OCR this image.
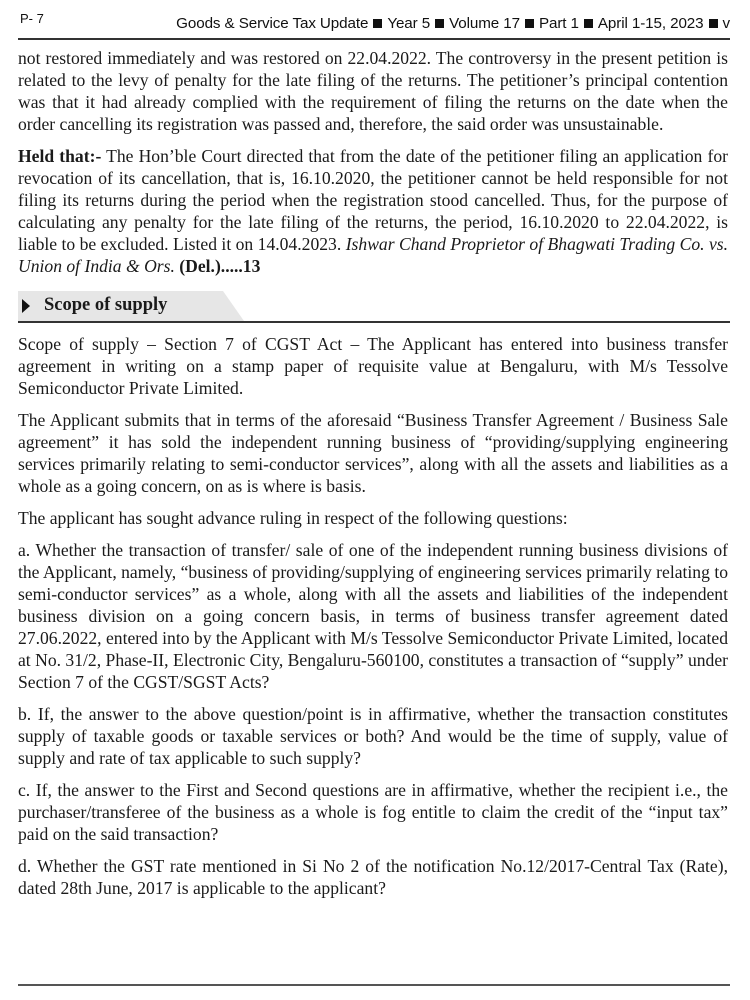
P- 7	Goods & Service Tax Update Year 5 Volume 17 Part 1 April 1-15, 2023 v

not restored immediately and was restored on 22.04.2022. The controversy in the present petition is related to the levy of penalty for the late filing of the returns. The petitioner’s principal contention was that it had already complied with the requirement of filing the returns on the date when the order cancelling its registration was passed and, therefore, the said order was unsustainable.

Held that:- The Hon’ble Court directed that from the date of the petitioner filing an application for revocation of its cancellation, that is, 16.10.2020, the petitioner cannot be held responsible for not filing its returns during the period when the registration stood cancelled. Thus, for the purpose of calculating any penalty for the late filing of the returns, the period, 16.10.2020 to 22.04.2022, is liable to be excluded. Listed it on 14.04.2023. Ishwar Chand Proprietor of Bhagwati Trading Co. vs. Union of India & Ors. (Del.).....13

Scope of supply

Scope of supply – Section 7 of CGST Act – The Applicant has entered into business transfer agreement in writing on a stamp paper of requisite value at Bengaluru, with M/s Tessolve Semiconductor Private Limited.

The Applicant submits that in terms of the aforesaid “Business Transfer Agreement / Business Sale agreement” it has sold the independent running business of “providing/supplying engineering services primarily relating to semi-conductor services”, along with all the assets and liabilities as a whole as a going concern, on as is where is basis.

The applicant has sought advance ruling in respect of the following questions:

a. Whether the transaction of transfer/ sale of one of the independent running business divisions of the Applicant, namely, “business of providing/supplying of engineering services primarily relating to semi-conductor services” as a whole, along with all the assets and liabilities of the independent business division on a going concern basis, in terms of business transfer agreement dated 27.06.2022, entered into by the Applicant with M/s Tessolve Semiconductor Private Limited, located at No. 31/2, Phase-II, Electronic City, Bengaluru-560100, constitutes a transaction of “supply” under Section 7 of the CGST/SGST Acts?

b. If, the answer to the above question/point is in affirmative, whether the transaction constitutes supply of taxable goods or taxable services or both? And would be the time of supply, value of supply and rate of tax applicable to such supply?

c. If, the answer to the First and Second questions are in affirmative, whether the recipient i.e., the purchaser/transferee of the business as a whole is fog entitle to claim the credit of the “input tax” paid on the said transaction?

d. Whether the GST rate mentioned in Si No 2 of the notification No.12/2017-Central Tax (Rate), dated 28th June, 2017 is applicable to the applicant?
